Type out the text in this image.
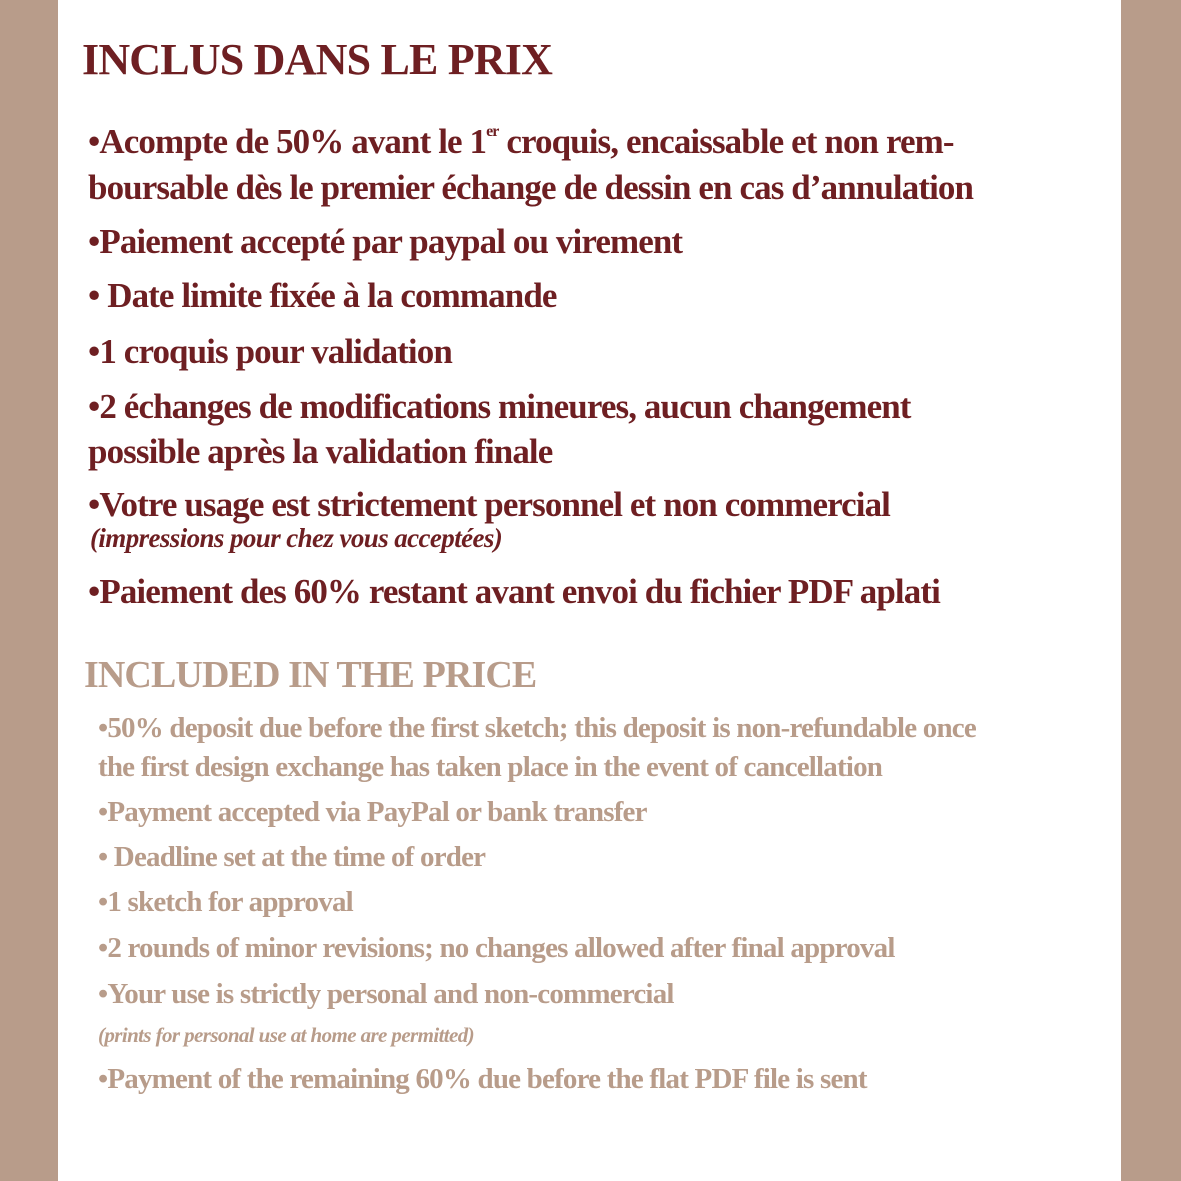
INCLUS DANS LE PRIX

•Acompte de 50% avant le 1er croquis, encaissable et non rem-

boursable dès le premier échange de dessin en cas d’annulation

•Paiement accepté par paypal ou virement

• Date limite fixée à la commande

•1 croquis pour validation

•2 échanges de modifications mineures, aucun changement

possible après la validation finale

•Votre usage est strictement personnel et non commercial

(impressions pour chez vous acceptées)

•Paiement des 60% restant avant envoi du fichier PDF aplati

INCLUDED IN THE PRICE

•50% deposit due before the first sketch; this deposit is non-refundable once

the first design exchange has taken place in the event of cancellation

•Payment accepted via PayPal or bank transfer

• Deadline set at the time of order

•1 sketch for approval

•2 rounds of minor revisions; no changes allowed after final approval

•Your use is strictly personal and non-commercial

(prints for personal use at home are permitted)

•Payment of the remaining 60% due before the flat PDF file is sent
